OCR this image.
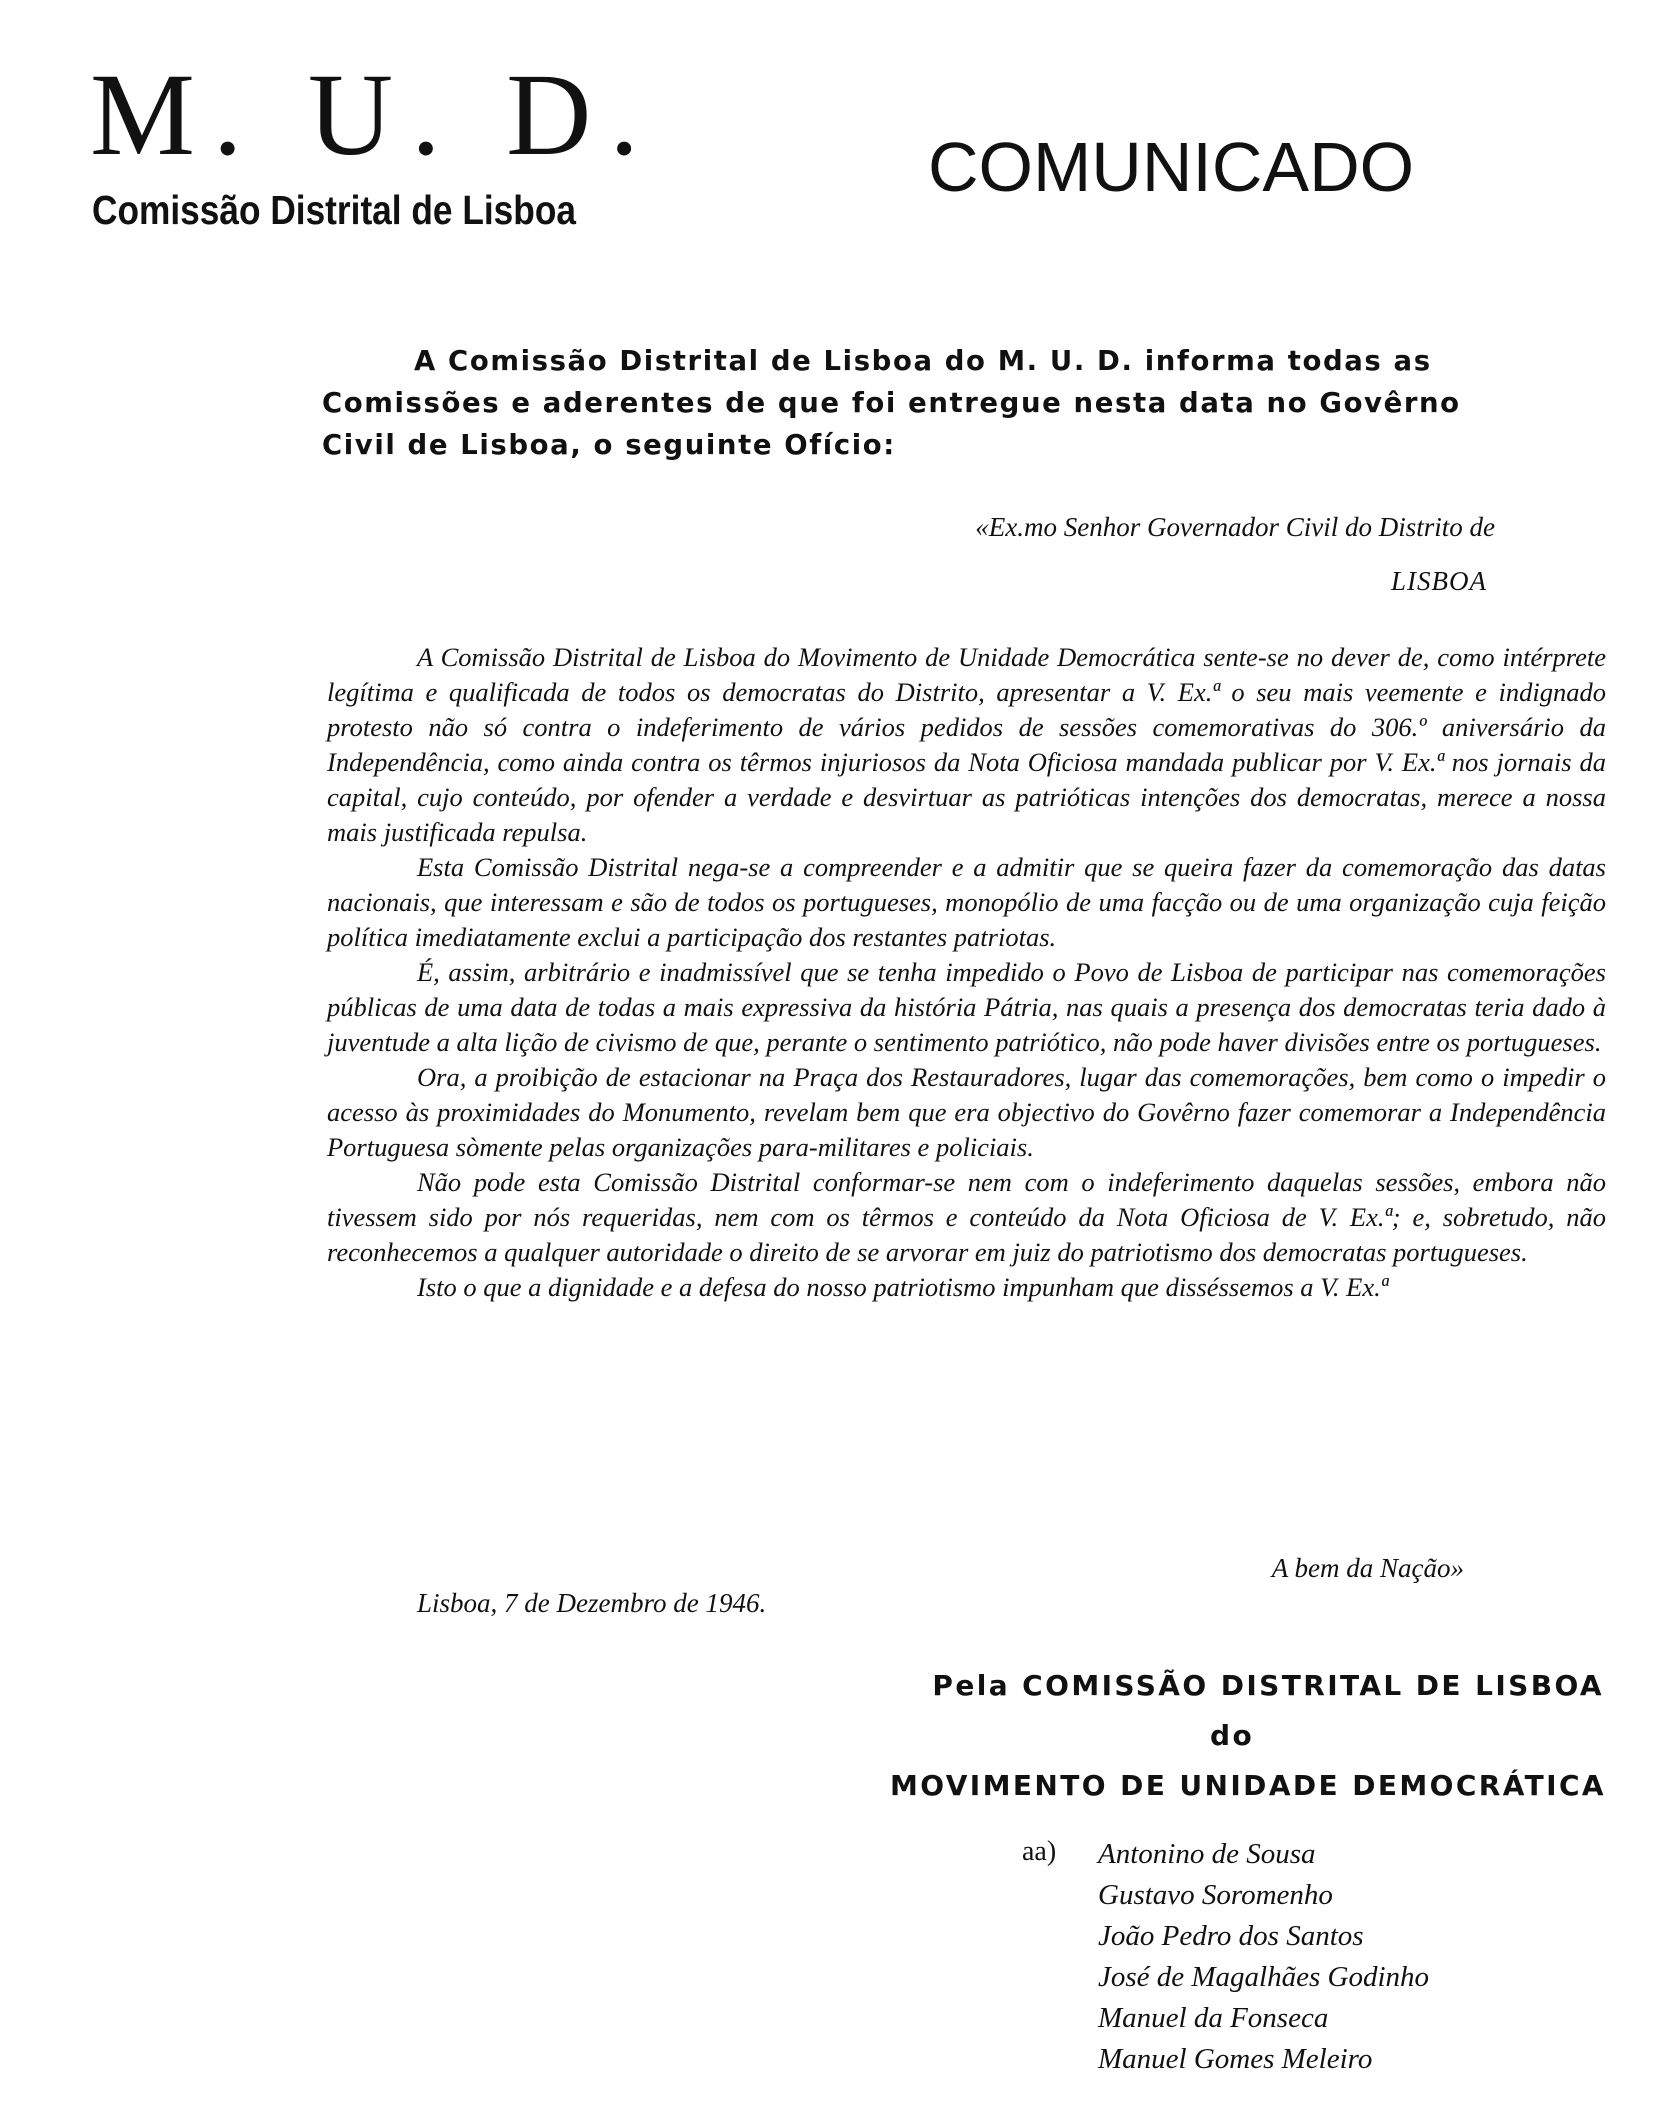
M. U. D.
Comissão Distrital de Lisboa
COMUNICADO

A Comissão Distrital de Lisboa do M. U. D. informa todas as
Comissões e aderentes de que foi entregue nesta data no Govêrno
Civil de Lisboa, o seguinte Ofício:

«Ex.mo Senhor Governador Civil do Distrito de
LISBOA

A Comissão Distrital de Lisboa do Movimento de Unidade Democrática sente-se no dever de, como intérprete legítima e qualificada de todos os democratas do Distrito, apresentar a V. Ex.ª o seu mais veemente e indignado protesto não só contra o indeferimento de vários pedidos de sessões comemorativas do 306.º aniversário da Independência, como ainda contra os têrmos injuriosos da Nota Oficiosa mandada publicar por V. Ex.ª nos jornais da capital, cujo conteúdo, por ofender a verdade e desvirtuar as patrióticas intenções dos democratas, merece a nossa mais justificada repulsa.

Esta Comissão Distrital nega-se a compreender e a admitir que se queira fazer da comemoração das datas nacionais, que interessam e são de todos os portugueses, monopólio de uma facção ou de uma organização cuja feição política imediatamente exclui a participação dos restantes patriotas.

É, assim, arbitrário e inadmissível que se tenha impedido o Povo de Lisboa de participar nas comemorações públicas de uma data de todas a mais expressiva da história Pátria, nas quais a presença dos democratas teria dado à juventude a alta lição de civismo de que, perante o sentimento patriótico, não pode haver divisões entre os portugueses.

Ora, a proibição de estacionar na Praça dos Restauradores, lugar das comemorações, bem como o impedir o acesso às proximidades do Monumento, revelam bem que era objectivo do Govêrno fazer comemorar a Independência Portuguesa sòmente pelas organizações para-militares e policiais.

Não pode esta Comissão Distrital conformar-se nem com o indeferimento daquelas sessões, embora não tivessem sido por nós requeridas, nem com os têrmos e conteúdo da Nota Oficiosa de V. Ex.ª; e, sobretudo, não reconhecemos a qualquer autoridade o direito de se arvorar em juiz do patriotismo dos democratas portugueses.

Isto o que a dignidade e a defesa do nosso patriotismo impunham que disséssemos a V. Ex.ª

A bem da Nação»
Lisboa, 7 de Dezembro de 1946.
Pela COMISSÃO DISTRITAL DE LISBOA
do
MOVIMENTO DE UNIDADE DEMOCRÁTICA
aa) Antonino de Sousa
Gustavo Soromenho
João Pedro dos Santos
José de Magalhães Godinho
Manuel da Fonseca
Manuel Gomes Meleiro
